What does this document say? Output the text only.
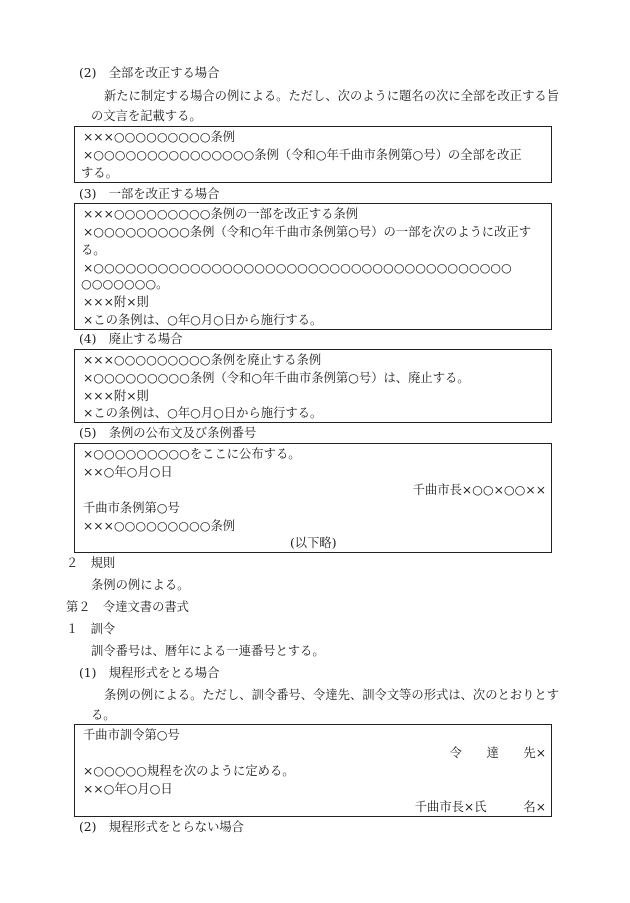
(2)　全部を改正する場合
新たに制定する場合の例による。ただし、次のように題名の次に全部を改正する旨
の文言を記載する。
×××○○○○○○○○○条例
×○○○○○○○○○○○○○○○条例（令和○年千曲市条例第○号）の全部を改正
する。
(3)　一部を改正する場合
×××○○○○○○○○○条例の一部を改正する条例
×○○○○○○○○○条例（令和○年千曲市条例第○号）の一部を次のように改正す
る。
×○○○○○○○○○○○○○○○○○○○○○○○○○○○○○○○○○○○○○○○
○○○○○○○。
×××附×則
×この条例は、○年○月○日から施行する。
(4)　廃止する場合
×××○○○○○○○○○条例を廃止する条例
×○○○○○○○○○条例（令和○年千曲市条例第○号）は、廃止する。
×××附×則
×この条例は、○年○月○日から施行する。
(5)　条例の公布文及び条例番号
×○○○○○○○○○をここに公布する。
××○年○月○日
千曲市長×○○×○○××
千曲市条例第○号
×××○○○○○○○○○条例
(以下略)
２　規則
条例の例による。
第２　令達文書の書式
１　訓令
訓令番号は、暦年による一連番号とする。
(1)　規程形式をとる場合
条例の例による。ただし、訓令番号、令達先、訓令文等の形式は、次のとおりとす
る。
千曲市訓令第○号
令　　達　　先×
×○○○○○規程を次のように定める。
××○年○月○日
千曲市長×氏　　　名×
(2)　規程形式をとらない場合
